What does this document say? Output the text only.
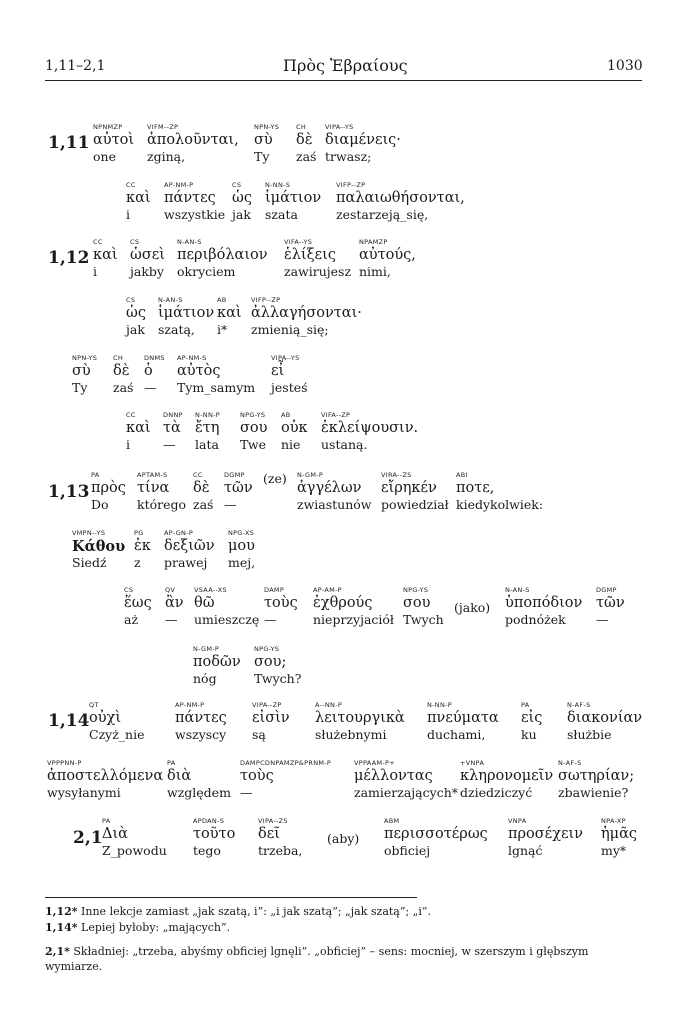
1,11–2,1	Πρὸς Ἑβραίους	1030
1,11
1,12
1,13
1,14
2,1
NPNMZP
αὐτοὶ
one
VIFM--ZP
ἀπολοῦνται,
zginą,
NPN-YS
σὺ
Ty
CH
δὲ
zaś
VIPA--YS
διαμένεις·
trwasz;
CC
καὶ
i
AP-NM-P
πάντες
wszystkie
CS
ὡς
jak
N-NN-S
ἱμάτιον
szata
VIFP--ZP
παλαιωθήσονται,
zestarzeją_się,
CC
καὶ
i
CS
ὡσεὶ
jakby
N-AN-S
περιβόλαιον
okryciem
VIFA--YS
ἑλίξεις
zawirujesz
NPAMZP
αὐτούς,
nimi,
CS
ὡς
jak
N-AN-S
ἱμάτιον
szatą,
AB
καὶ
i*
VIFP--ZP
ἀλλαγήσονται·
zmienią_się;
NPN-YS
σὺ
Ty
CH
δὲ
zaś
DNMS
ὁ
—
AP-NM-S
αὐτὸς
Tym_samym
VIPA--YS
εἶ
jesteś
CC
καὶ
i
DNNP
τὰ
—
N-NN-P
ἔτη
lata
NPG-YS
σου
Twe
AB
οὐκ
nie
VIFA--ZP
ἐκλείψουσιν.
ustaną.
PA
πρὸς
Do
APTAM-S
τίνα
którego
CC
δὲ
zaś
DGMP
τῶν
—
(ze) N-GM-P
ἀγγέλων
zwiastunów
VIRA--ZS
εἴρηκέν
powiedział
ABI
ποτε,
kiedykolwiek:
VMPN--YS
Κάθου
Siedź
PG
ἐκ
z
AP-GN-P
δεξιῶν
prawej
NPG-XS
μου
mej,
CS
ἕως
aż
QV
ἂν
—
VSAA--XS
θῶ
umieszczę
DAMP
τοὺς
—
AP-AM-P
ἐχθρούς
nieprzyjaciół
NPG-YS
σου
Twych
(jako)
N-AN-S
ὑποπόδιον
podnóżek
DGMP
τῶν
—
N-GM-P
ποδῶν
nóg
NPG-YS
σου;
Twych?
QT
οὐχὶ
Czyż_nie
AP-NM-P
πάντες
wszyscy
VIPA--ZP
εἰσὶν
są
A--NN-P
λειτουργικὰ
służebnymi
N-NN-P
πνεύματα
duchami,
PA
εἰς
ku
N-AF-S
διακονίαν
służbie
VPPPNN-P
ἀποστελλόμενα
wysyłanymi
PA
διὰ
względem
DAMPCDNPAMZP&PRNM-P
τοὺς
—
VPPAAM-P+
μέλλοντας
zamierzających*
+VNPA
κληρονομεῖν
dziedziczyć
N-AF-S
σωτηρίαν;
zbawienie?
PA
Διὰ
Z_powodu
APDAN-S
τοῦτο
tego
VIPA--ZS
δεῖ
trzeba,
(aby)
ABM
περισσοτέρως
obficiej
VNPA
προσέχειν
lgnąć
NPA-XP
ἡμᾶς
my*
1,12* Inne lekcje zamiast „jak szatą, i”: „i jak szatą”; „jak szatą”; „i”.
1,14* Lepiej byłoby: „mających”.
2,1* Składniej: „trzeba, abyśmy obficiej lgnęli”. „obficiej” – sens: mocniej, w szerszym i głębszym wymiarze.
